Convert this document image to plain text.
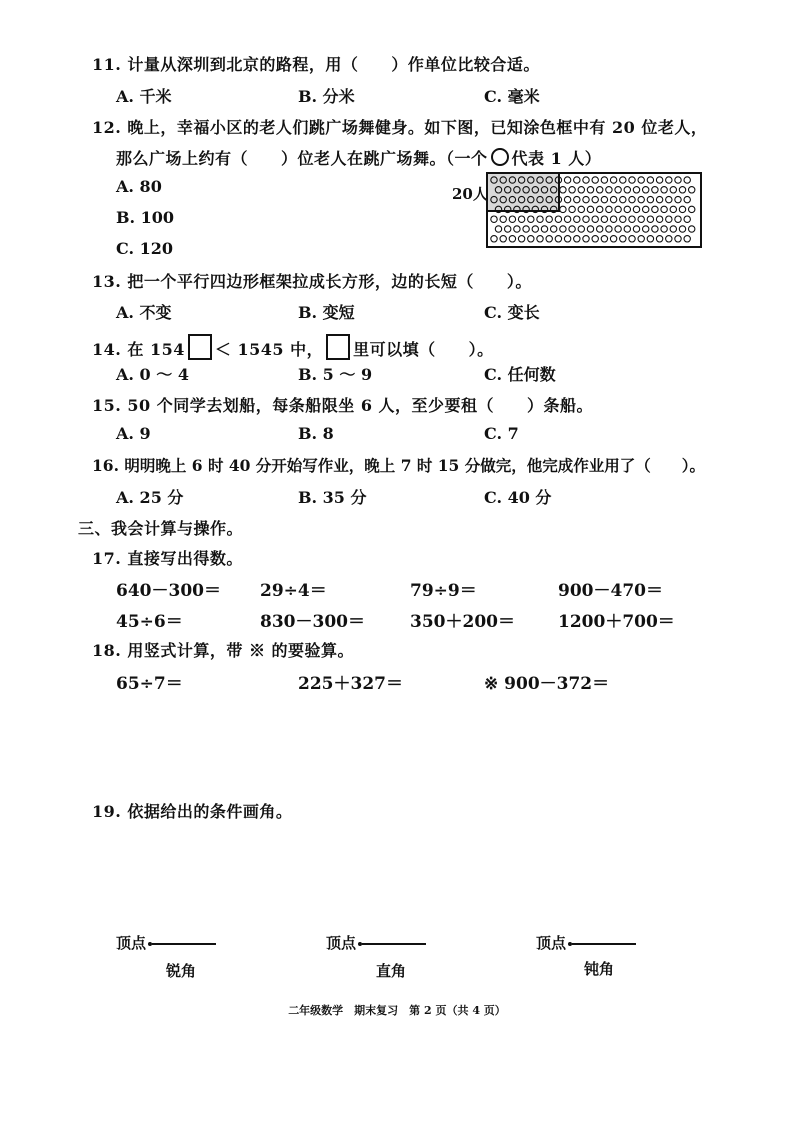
11. 计量从深圳到北京的路程，用（　　）作单位比较合适。
A. 千米	B. 分米	C. 毫米
12. 晚上，幸福小区的老人们跳广场舞健身。如下图，已知涂色框中有 20 位老人，
那么广场上约有（　　）位老人在跳广场舞。（一个 代表 1 人）
A. 80
B. 100
C. 120
20人
13. 把一个平行四边形框架拉成长方形，边的长短（　　）。
A. 不变	B. 变短	C. 变长
14. 在 154 ＜ 1545 中， 里可以填（　　）。
A. 0 ～ 4	B. 5 ～ 9	C. 任何数
15. 50 个同学去划船，每条船限坐 6 人，至少要租（　　）条船。
A. 9	B. 8	C. 7
16. 明明晚上 6 时 40 分开始写作业，晚上 7 时 15 分做完，他完成作业用了（　　）。
A. 25 分	B. 35 分	C. 40 分
三、我会计算与操作。
17. 直接写出得数。
640－300＝ 29÷4＝	79÷9＝	900－470＝
45÷6＝	830－300＝	350＋200＝	1200＋700＝
18. 用竖式计算，带 ※ 的要验算。
65÷7＝	225＋327＝	※ 900－372＝
19. 依据给出的条件画角。
顶点	顶点	顶点
锐角	直角	钝角
二年级数学　期末复习　第 2 页（共 4 页）
